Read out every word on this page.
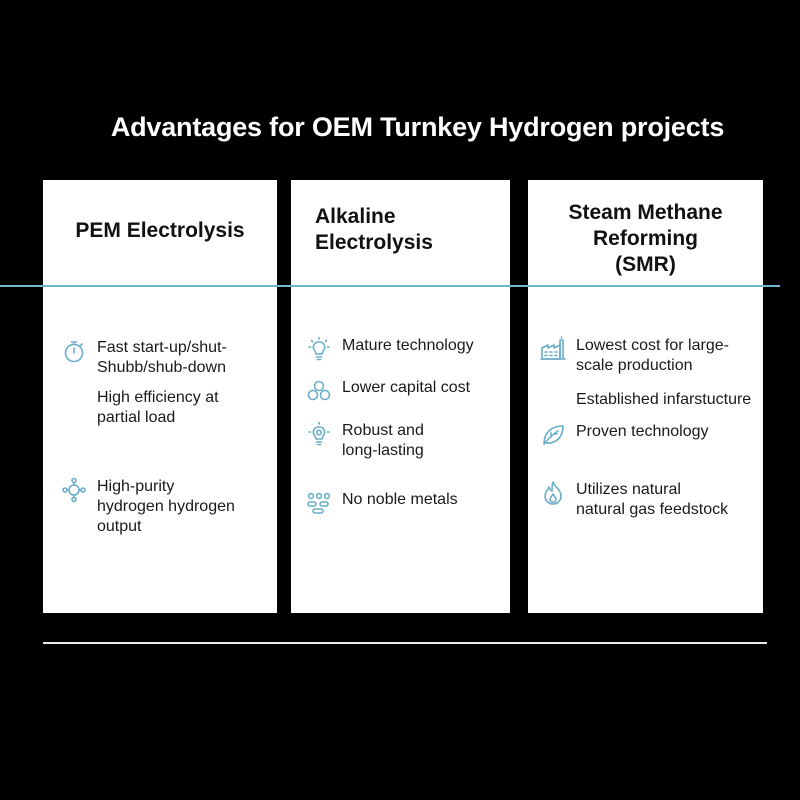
Advantages for OEM Turnkey Hydrogen projects
PEM Electrolysis
Fast start-up/shut-
Shubb/shub-down
High efficiency at
partial load
High-purity
hydrogen hydrogen
output
Alkaline
Electrolysis
Mature technology
Lower capital cost
Robust and
long-lasting
No noble metals
Steam Methane
Reforming
(SMR)
Lowest cost for large-
scale production
Established infarstucture
Proven technology
Utilizes natural
natural gas feedstock
